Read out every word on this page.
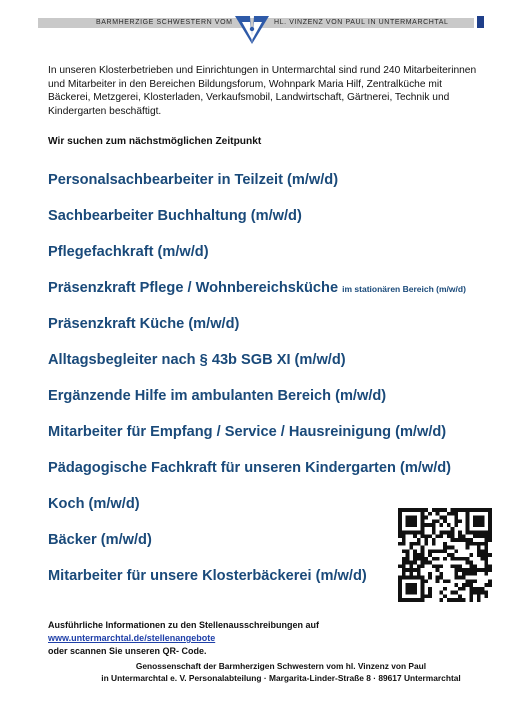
BARMHERZIGE SCHWESTERN VOM	HL. VINZENZ VON PAUL IN UNTERMARCHTAL
In unseren Klosterbetrieben und Einrichtungen in Untermarchtal sind rund 240 Mitarbeiterinnen und Mitarbeiter in den Bereichen Bildungsforum, Wohnpark Maria Hilf, Zentralküche mit Bäckerei, Metzgerei, Klosterladen, Verkaufsmobil, Landwirtschaft, Gärtnerei, Technik und Kindergarten beschäftigt.
Wir suchen zum nächstmöglichen Zeitpunkt
Personalsachbearbeiter in Teilzeit (m/w/d)
Sachbearbeiter Buchhaltung (m/w/d)
Pflegefachkraft (m/w/d)
Präsenzkraft Pflege / Wohnbereichsküche im stationären Bereich (m/w/d)
Präsenzkraft Küche (m/w/d)
Alltagsbegleiter nach § 43b SGB XI (m/w/d)
Ergänzende Hilfe im ambulanten Bereich (m/w/d)
Mitarbeiter für Empfang / Service / Hausreinigung (m/w/d)
Pädagogische Fachkraft für unseren Kindergarten (m/w/d)
Koch (m/w/d)
Bäcker (m/w/d)
Mitarbeiter für unsere Klosterbäckerei (m/w/d)
Ausführliche Informationen zu den Stellenausschreibungen auf www.untermarchtal.de/stellenangebote
oder scannen Sie unseren QR- Code.
Genossenschaft der Barmherzigen Schwestern vom hl. Vinzenz von Paul
in Untermarchtal e. V. Personalabteilung · Margarita-Linder-Straße 8 · 89617 Untermarchtal
